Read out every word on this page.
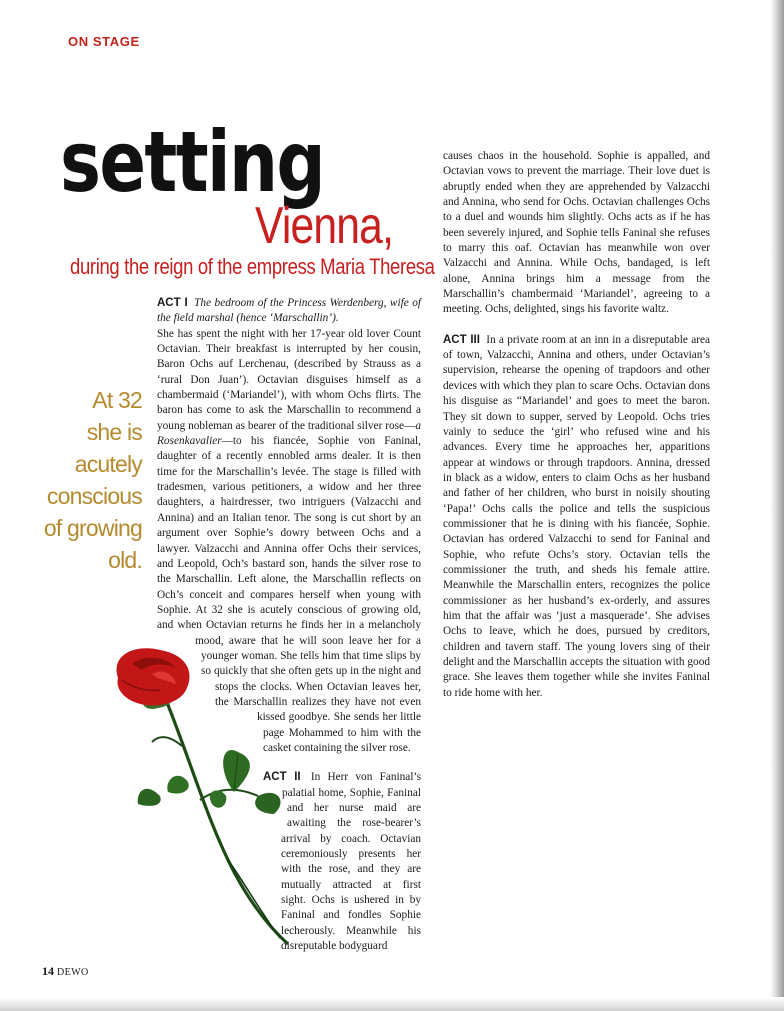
ON STAGE
setting
Vienna,
during the reign of the empress Maria Theresa
At 32
she is
acutely
conscious
of growing
old.

ACT I The bedroom of the Princess Werdenberg, wife of the field marshal (hence ‘Marschallin’).
She has spent the night with her 17-year old lover Count Octavian. Their breakfast is interrupted by her cousin, Baron Ochs auf Lerchenau, (described by Strauss as a ‘rural Don Juan’). Octavian disguises himself as a chambermaid (‘Mariandel’), with whom Ochs flirts. The baron has come to ask the Marschallin to recommend a young nobleman as bearer of the traditional silver rose—a Rosenkavalier—to his fiancée, Sophie von Faninal, daughter of a recently ennobled arms dealer. It is then time for the Marschallin’s levée. The stage is filled with tradesmen, various petitioners, a widow and her three daughters, a hairdresser, two intriguers (Valzacchi and Annina) and an Italian tenor. The song is cut short by an argument over Sophie’s dowry between Ochs and a lawyer. Valzacchi and Annina offer Ochs their services, and Leopold, Och’s bastard son, hands the silver rose to the Marschallin. Left alone, the Marschallin reflects on Och’s conceit and compares herself when young with Sophie. At 32 she is acutely conscious of growing old, and when Octavian returns he finds her in a melancholy mood, aware that he will soon leave her for a younger woman. She tells him that time slips by so quickly that she often gets up in the night and stops the clocks. When Octavian leaves her, the Marschallin realizes they have not even kissed goodbye. She sends her little page Mohammed to him with the casket containing the silver rose.

ACT II In Herr von Faninal’s palatial home, Sophie, Faninal and her nurse maid are awaiting the rose-bearer’s arrival by coach. Octavian ceremoniously presents her with the rose, and they are mutually attracted at first sight. Ochs is ushered in by Faninal and fondles Sophie lecherously. Meanwhile his disreputable bodyguard

causes chaos in the household. Sophie is appalled, and Octavian vows to prevent the marriage. Their love duet is abruptly ended when they are apprehended by Valzacchi and Annina, who send for Ochs. Octavian challenges Ochs to a duel and wounds him slightly. Ochs acts as if he has been severely injured, and Sophie tells Faninal she refuses to marry this oaf. Octavian has meanwhile won over Valzacchi and Annina. While Ochs, bandaged, is left alone, Annina brings him a message from the Marschallin’s chambermaid ‘Mariandel’, agreeing to a meeting. Ochs, delighted, sings his favorite waltz.

ACT III In a private room at an inn in a disreputable area of town, Valzacchi, Annina and others, under Octavian’s supervision, rehearse the opening of trapdoors and other devices with which they plan to scare Ochs. Octavian dons his disguise as “Mariandel’ and goes to meet the baron. They sit down to supper, served by Leopold. Ochs tries vainly to seduce the ‘girl’ who refused wine and his advances. Every time he approaches her, apparitions appear at windows or through trapdoors. Annina, dressed in black as a widow, enters to claim Ochs as her husband and father of her children, who burst in noisily shouting ‘Papa!’ Ochs calls the police and tells the suspicious commissioner that he is dining with his fiancée, Sophie. Octavian has ordered Valzacchi to send for Faninal and Sophie, who refute Ochs’s story. Octavian tells the commissioner the truth, and sheds his female attire. Meanwhile the Marschallin enters, recognizes the police commissioner as her husband’s ex-orderly, and assures him that the affair was ‘just a masquerade’. She advises Ochs to leave, which he does, pursued by creditors, children and tavern staff. The young lovers sing of their delight and the Marschallin accepts the situation with good grace. She leaves them together while she invites Faninal to ride home with her.

14 DEWO
